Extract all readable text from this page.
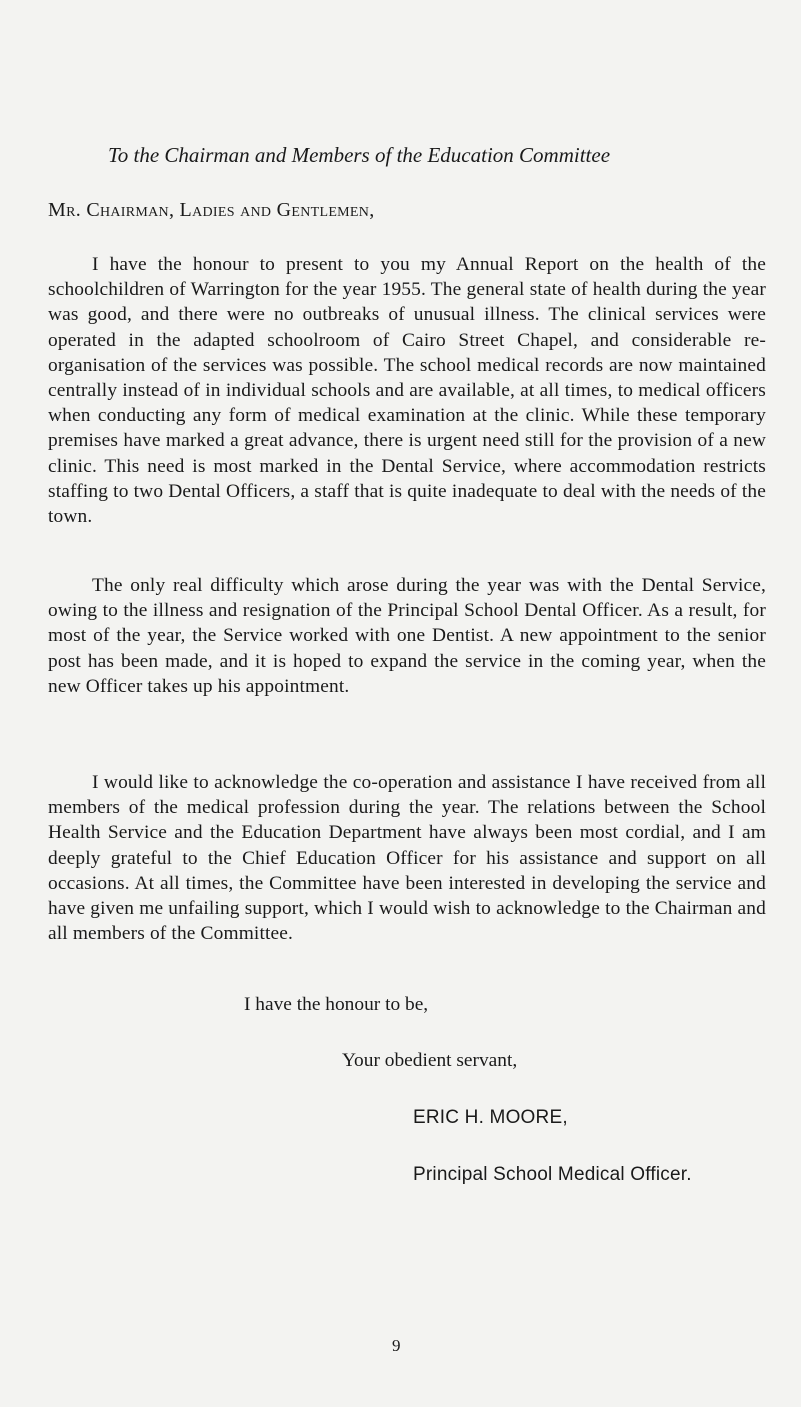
To the Chairman and Members of the Education Committee

Mr. Chairman, Ladies and Gentlemen,

I have the honour to present to you my Annual Report on the health of the schoolchildren of Warrington for the year 1955. The general state of health during the year was good, and there were no outbreaks of unusual illness. The clinical services were operated in the adapted schoolroom of Cairo Street Chapel, and considerable re-organisation of the services was possible. The school medical records are now maintained centrally instead of in individual schools and are available, at all times, to medical officers when conducting any form of medical examination at the clinic. While these temporary premises have marked a great advance, there is urgent need still for the provision of a new clinic. This need is most marked in the Dental Service, where accommodation restricts staffing to two Dental Officers, a staff that is quite inadequate to deal with the needs of the town.

The only real difficulty which arose during the year was with the Dental Service, owing to the illness and resignation of the Principal School Dental Officer. As a result, for most of the year, the Service worked with one Dentist. A new appointment to the senior post has been made, and it is hoped to expand the service in the coming year, when the new Officer takes up his appointment.

I would like to acknowledge the co-operation and assistance I have received from all members of the medical profession during the year. The relations between the School Health Service and the Education Department have always been most cordial, and I am deeply grateful to the Chief Education Officer for his assistance and support on all occasions. At all times, the Committee have been interested in developing the service and have given me unfailing support, which I would wish to acknowledge to the Chairman and all members of the Committee.

I have the honour to be,

Your obedient servant,

ERIC H. MOORE,

Principal School Medical Officer.

9
